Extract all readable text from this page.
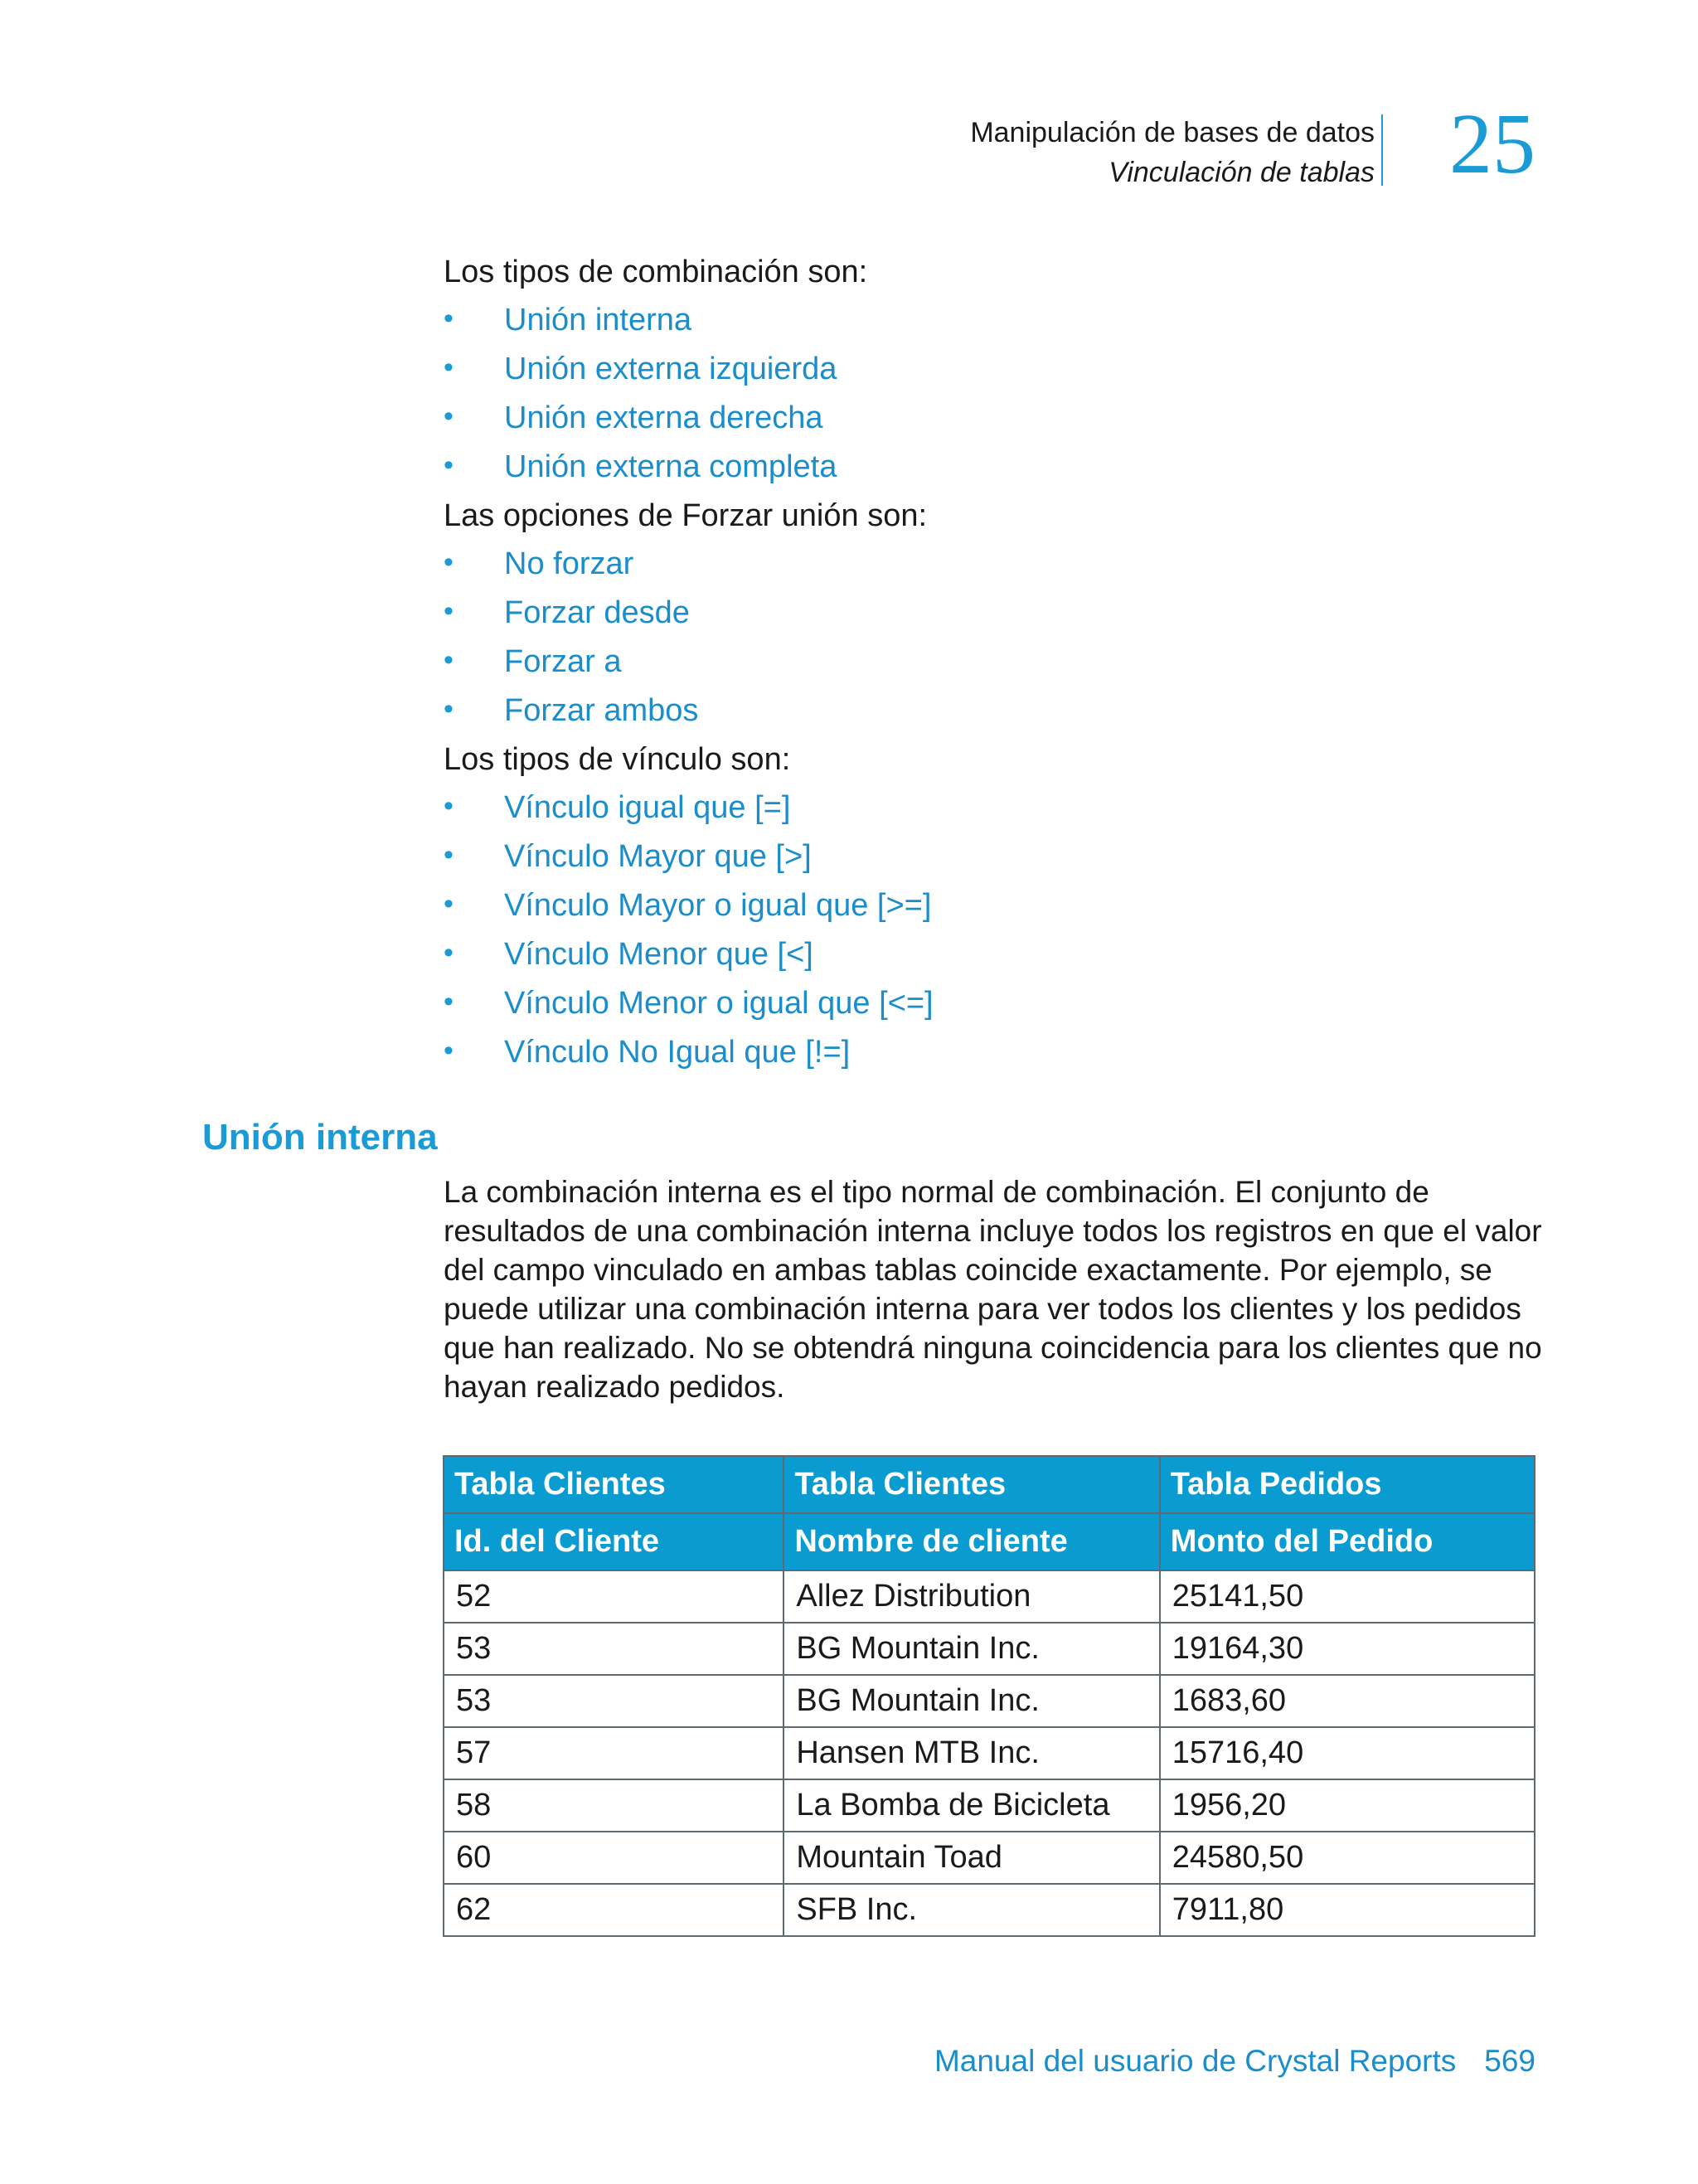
Manipulación de bases de datos
Vinculación de tablas 25

Los tipos de combinación son:

• Unión interna
• Unión externa izquierda
• Unión externa derecha
• Unión externa completa

Las opciones de Forzar unión son:

• No forzar
• Forzar desde
• Forzar a
• Forzar ambos

Los tipos de vínculo son:

• Vínculo igual que [=]
• Vínculo Mayor que [>]
• Vínculo Mayor o igual que [>=]
• Vínculo Menor que [<]
• Vínculo Menor o igual que [<=]
• Vínculo No Igual que [!=]
Unión interna

La combinación interna es el tipo normal de combinación. El conjunto de resultados de una combinación interna incluye todos los registros en que el valor del campo vinculado en ambas tablas coincide exactamente. Por ejemplo, se puede utilizar una combinación interna para ver todos los clientes y los pedidos que han realizado. No se obtendrá ninguna coincidencia para los clientes que no hayan realizado pedidos.

Tabla Clientes	Tabla Clientes	Tabla Pedidos
Id. del Cliente	Nombre de cliente	Monto del Pedido
52	Allez Distribution	25141,50
53	BG Mountain Inc.	19164,30
53	BG Mountain Inc.	1683,60
57	Hansen MTB Inc.	15716,40
58	La Bomba de Bicicleta	1956,20
60	Mountain Toad	24580,50
62	SFB Inc.	7911,80
Manual del usuario de Crystal Reports 569
